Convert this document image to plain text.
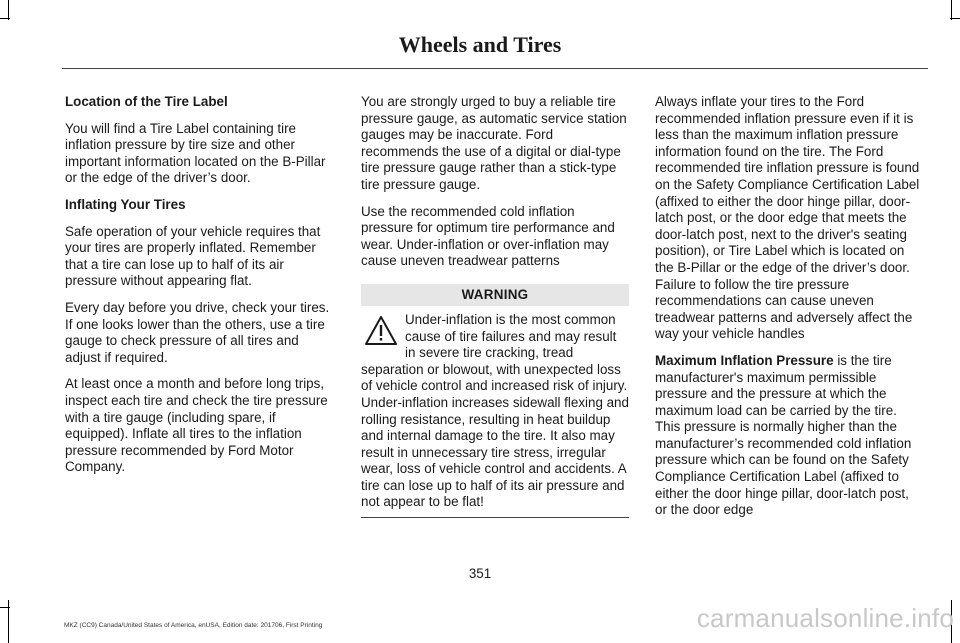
Wheels and Tires
Location of the Tire Label

You will find a Tire Label containing tire inflation pressure by tire size and other important information located on the B-Pillar or the edge of the driver’s door.

Inflating Your Tires

Safe operation of your vehicle requires that your tires are properly inflated. Remember that a tire can lose up to half of its air pressure without appearing flat.

Every day before you drive, check your tires. If one looks lower than the others, use a tire gauge to check pressure of all tires and adjust if required.

At least once a month and before long trips, inspect each tire and check the tire pressure with a tire gauge (including spare, if equipped). Inflate all tires to the inflation pressure recommended by Ford Motor Company.

You are strongly urged to buy a reliable tire pressure gauge, as automatic service station gauges may be inaccurate. Ford recommends the use of a digital or dial-type tire pressure gauge rather than a stick-type tire pressure gauge.

Use the recommended cold inflation pressure for optimum tire performance and wear. Under-inflation or over-inflation may cause uneven treadwear patterns

WARNING
Under-inflation is the most common cause of tire failures and may result in severe tire cracking, tread separation or blowout, with unexpected loss of vehicle control and increased risk of injury. Under-inflation increases sidewall flexing and rolling resistance, resulting in heat buildup and internal damage to the tire. It also may result in unnecessary tire stress, irregular wear, loss of vehicle control and accidents. A tire can lose up to half of its air pressure and not appear to be flat!

Always inflate your tires to the Ford recommended inflation pressure even if it is less than the maximum inflation pressure information found on the tire. The Ford recommended tire inflation pressure is found on the Safety Compliance Certification Label (affixed to either the door hinge pillar, door-latch post, or the door edge that meets the door-latch post, next to the driver's seating position), or Tire Label which is located on the B-Pillar or the edge of the driver’s door. Failure to follow the tire pressure recommendations can cause uneven treadwear patterns and adversely affect the way your vehicle handles

Maximum Inflation Pressure is the tire manufacturer's maximum permissible pressure and the pressure at which the maximum load can be carried by the tire. This pressure is normally higher than the manufacturer’s recommended cold inflation pressure which can be found on the Safety Compliance Certification Label (affixed to either the door hinge pillar, door-latch post, or the door edge

351
MKZ (CC9) Canada/United States of America, enUSA, Edition date: 201706, First Printing	carmanualsonline.info
